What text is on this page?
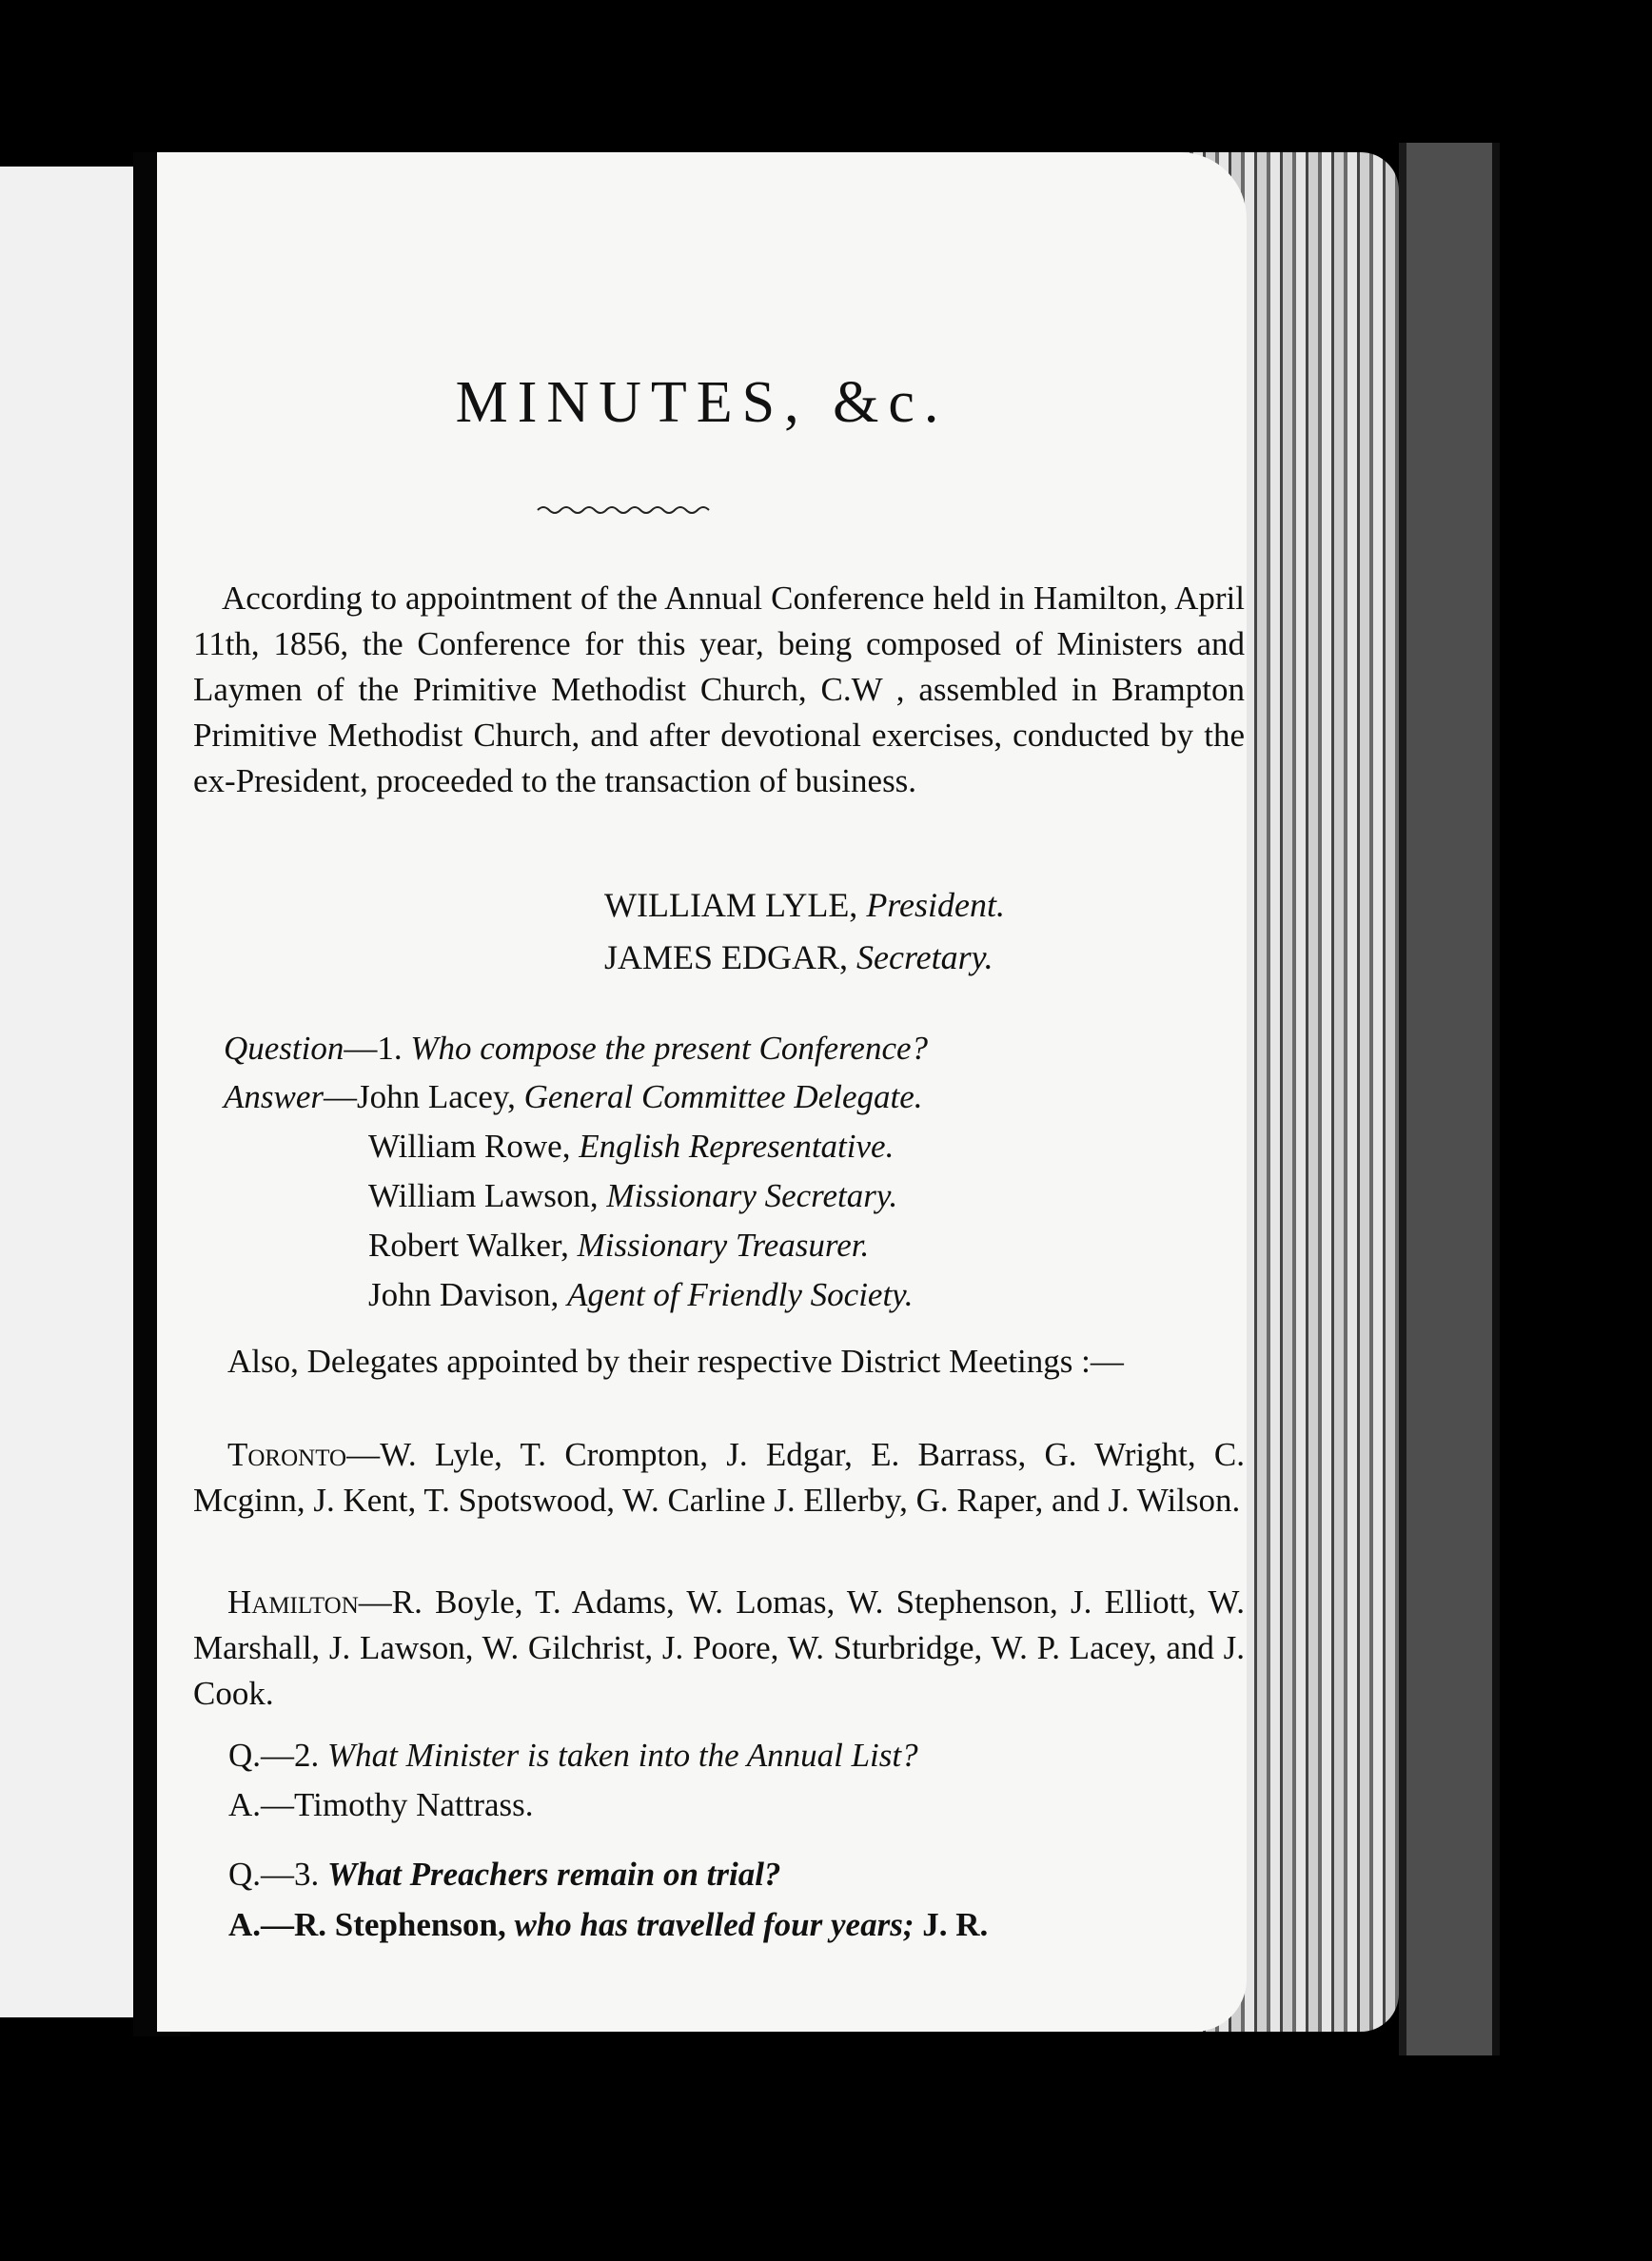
MINUTES, &c.
According to appointment of the Annual Conference held in Hamilton, April 11th, 1856, the Conference for this year, being composed of Ministers and Laymen of the Primitive Methodist Church, C.W , assembled in Brampton Primitive Methodist Church, and after devotional exercises, conducted by the ex-President, proceeded to the transaction of business.
WILLIAM LYLE, President.
JAMES EDGAR, Secretary.
Question—1. Who compose the present Conference?
Answer—John Lacey, General Committee Delegate.
William Rowe, English Representative.
William Lawson, Missionary Secretary.
Robert Walker, Missionary Treasurer.
John Davison, Agent of Friendly Society.
Also, Delegates appointed by their respective District Meetings :—
Toronto—W. Lyle, T. Crompton, J. Edgar, E. Barrass, G. Wright, C. Mcginn, J. Kent, T. Spotswood, W. Carline J. Ellerby, G. Raper, and J. Wilson.
Hamilton—R. Boyle, T. Adams, W. Lomas, W. Stephenson, J. Elliott, W. Marshall, J. Lawson, W. Gilchrist, J. Poore, W. Sturbridge, W. P. Lacey, and J. Cook.
Q.—2. What Minister is taken into the Annual List?
A.—Timothy Nattrass.
Q.—3. What Preachers remain on trial?
A.—R. Stephenson, who has travelled four years; J. R.
